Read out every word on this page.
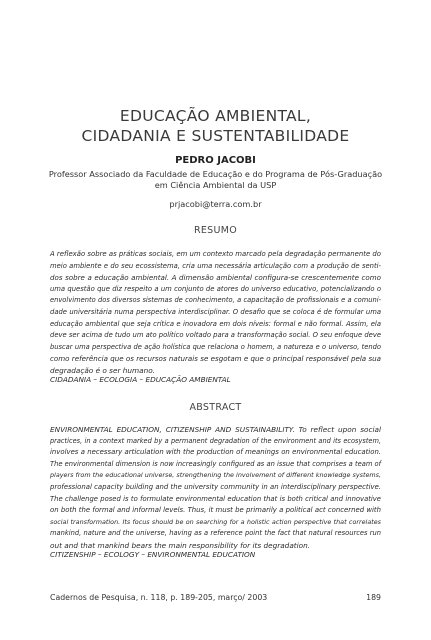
EDUCAÇÃO AMBIENTAL,
CIDADANIA E SUSTENTABILIDADE
PEDRO JACOBI
Professor Associado da Faculdade de Educação e do Programa de Pós-Graduação
em Ciência Ambiental da USP
prjacobi@terra.com.br
RESUMO
A reflexão sobre as práticas sociais, em um contexto marcado pela degradação permanente do
meio ambiente e do seu ecossistema, cria uma necessária articulação com a produção de senti-
dos sobre a educação ambiental. A dimensão ambiental configura-se crescentemente como
uma questão que diz respeito a um conjunto de atores do universo educativo, potencializando o
envolvimento dos diversos sistemas de conhecimento, a capacitação de profissionais e a comuni-
dade universitária numa perspectiva interdisciplinar. O desafio que se coloca é de formular uma
educação ambiental que seja crítica e inovadora em dois níveis: formal e não formal. Assim, ela
deve ser acima de tudo um ato político voltado para a transformação social. O seu enfoque deve
buscar uma perspectiva de ação holística que relaciona o homem, a natureza e o universo, tendo
como referência que os recursos naturais se esgotam e que o principal responsável pela sua
degradação é o ser humano.
CIDADANIA – ECOLOGIA – EDUCAÇÃO AMBIENTAL
ABSTRACT
ENVIRONMENTAL EDUCATION, CITIZENSHIP AND SUSTAINABILITY. To reflect upon social
practices, in a context marked by a permanent degradation of the environment and its ecosystem,
involves a necessary articulation with the production of meanings on environmental education.
The environmental dimension is now increasingly configured as an issue that comprises a team of
players from the educational universe, strengthening the involvement of different knowledge systems,
professional capacity building and the university community in an interdisciplinary perspective.
The challenge posed is to formulate environmental education that is both critical and innovative
on both the formal and informal levels. Thus, it must be primarily a political act concerned with
social transformation. Its focus should be on searching for a holistic action perspective that correlates
mankind, nature and the universe, having as a reference point the fact that natural resources run
out and that mankind bears the main responsibility for its degradation.
CITIZENSHIP – ECOLOGY – ENVIRONMENTAL EDUCATION
Cadernos de Pesquisa, n. 118, p. 189-205, março/ 2003	189
